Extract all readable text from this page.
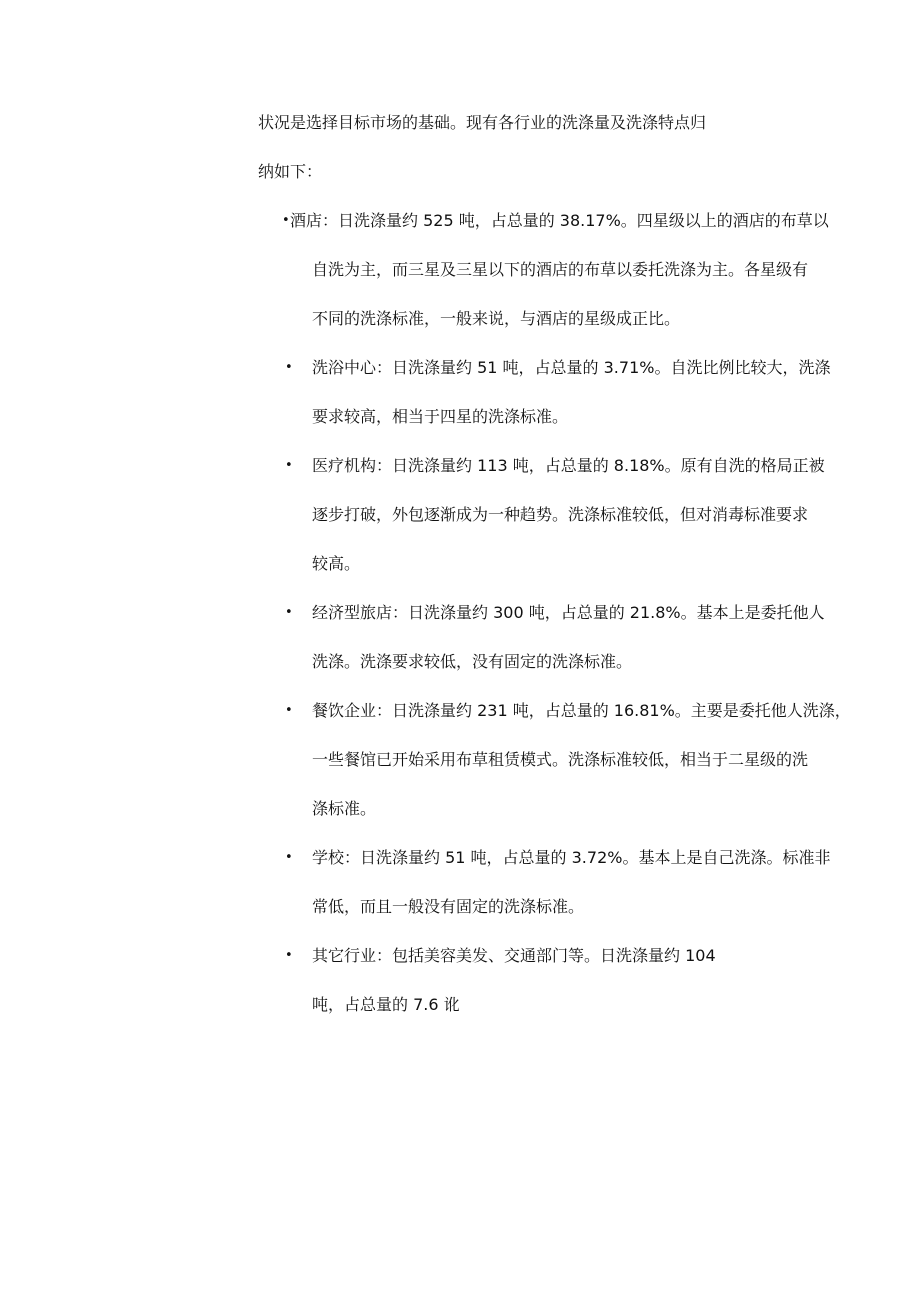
状况是选择目标市场的基础。现有各行业的洗涤量及洗涤特点归
纳如下：
• 酒店：日洗涤量约 525 吨，占总量的 38.17%。四星级以上的酒店的布草以
自洗为主，而三星及三星以下的酒店的布草以委托洗涤为主。各星级有
不同的洗涤标准，一般来说，与酒店的星级成正比。
• 洗浴中心：日洗涤量约 51 吨，占总量的 3.71%。自洗比例比较大，洗涤
要求较高，相当于四星的洗涤标准。
• 医疗机构：日洗涤量约 113 吨，占总量的 8.18%。原有自洗的格局正被
逐步打破，外包逐渐成为一种趋势。洗涤标准较低，但对消毒标准要求
较高。
• 经济型旅店：日洗涤量约 300 吨，占总量的 21.8%。基本上是委托他人
洗涤。洗涤要求较低，没有固定的洗涤标准。
• 餐饮企业：日洗涤量约 231 吨，占总量的 16.81%。主要是委托他人洗涤，
一些餐馆已开始采用布草租赁模式。洗涤标准较低，相当于二星级的洗
涤标准。
• 学校：日洗涤量约 51 吨，占总量的 3.72%。基本上是自己洗涤。标准非
常低，而且一般没有固定的洗涤标准。
• 其它行业：包括美容美发、交通部门等。日洗涤量约 104
吨，占总量的 7.6 讹
